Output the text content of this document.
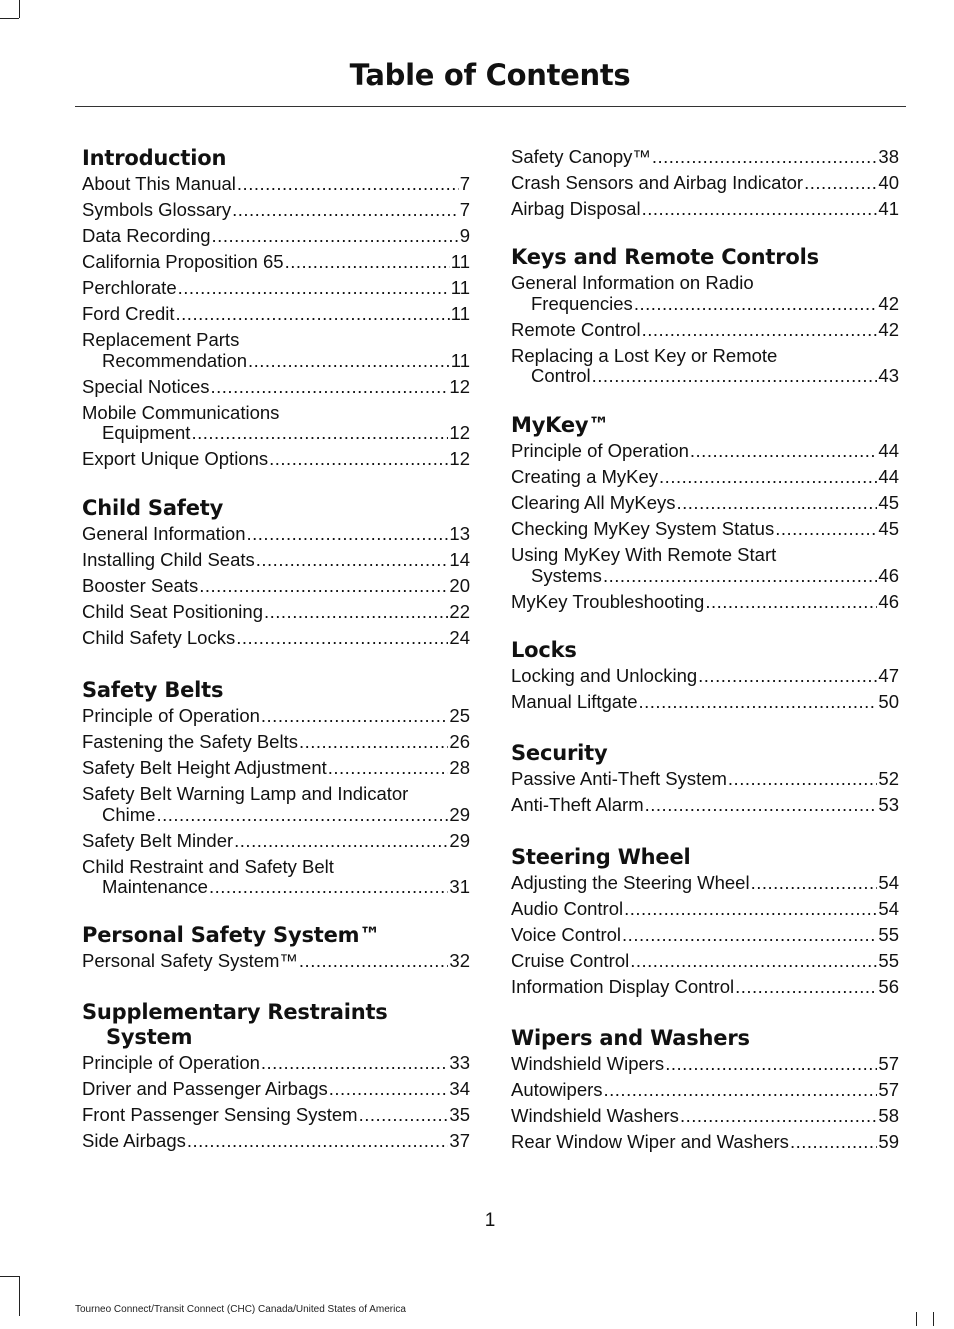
Table of Contents
Introduction
About This Manual .....	7
Symbols Glossary .....	7
Data Recording .....	9
California Proposition 65 .....	11
Perchlorate .....	11
Ford Credit .....	11
Replacement Parts
Recommendation .....	11
Special Notices .....	12
Mobile Communications
Equipment .....	12
Export Unique Options .....	12
Child Safety
General Information .....	13
Installing Child Seats .....	14
Booster Seats .....	20
Child Seat Positioning .....	22
Child Safety Locks .....	24
Safety Belts
Principle of Operation .....	25
Fastening the Safety Belts .....	26
Safety Belt Height Adjustment .....	28
Safety Belt Warning Lamp and Indicator
Chime .....	29
Safety Belt Minder .....	29
Child Restraint and Safety Belt
Maintenance .....	31
Personal Safety System™
Personal Safety System™ .....	32
Supplementary Restraints
System
Principle of Operation .....	33
Driver and Passenger Airbags .....	34
Front Passenger Sensing System .....	35
Side Airbags .....	37
Safety Canopy™ .....	38
Crash Sensors and Airbag Indicator .....	40
Airbag Disposal .....	41
Keys and Remote Controls
General Information on Radio
Frequencies .....	42
Remote Control .....	42
Replacing a Lost Key or Remote
Control .....	43
MyKey™
Principle of Operation .....	44
Creating a MyKey .....	44
Clearing All MyKeys .....	45
Checking MyKey System Status .....	45
Using MyKey With Remote Start
Systems .....	46
MyKey Troubleshooting .....	46
Locks
Locking and Unlocking .....	47
Manual Liftgate .....	50
Security
Passive Anti-Theft System .....	52
Anti-Theft Alarm .....	53
Steering Wheel
Adjusting the Steering Wheel .....	54
Audio Control .....	54
Voice Control .....	55
Cruise Control .....	55
Information Display Control .....	56
Wipers and Washers
Windshield Wipers .....	57
Autowipers .....	57
Windshield Washers .....	58
Rear Window Wiper and Washers .....	59
1
Tourneo Connect/Transit Connect (CHC) Canada/United States of America
